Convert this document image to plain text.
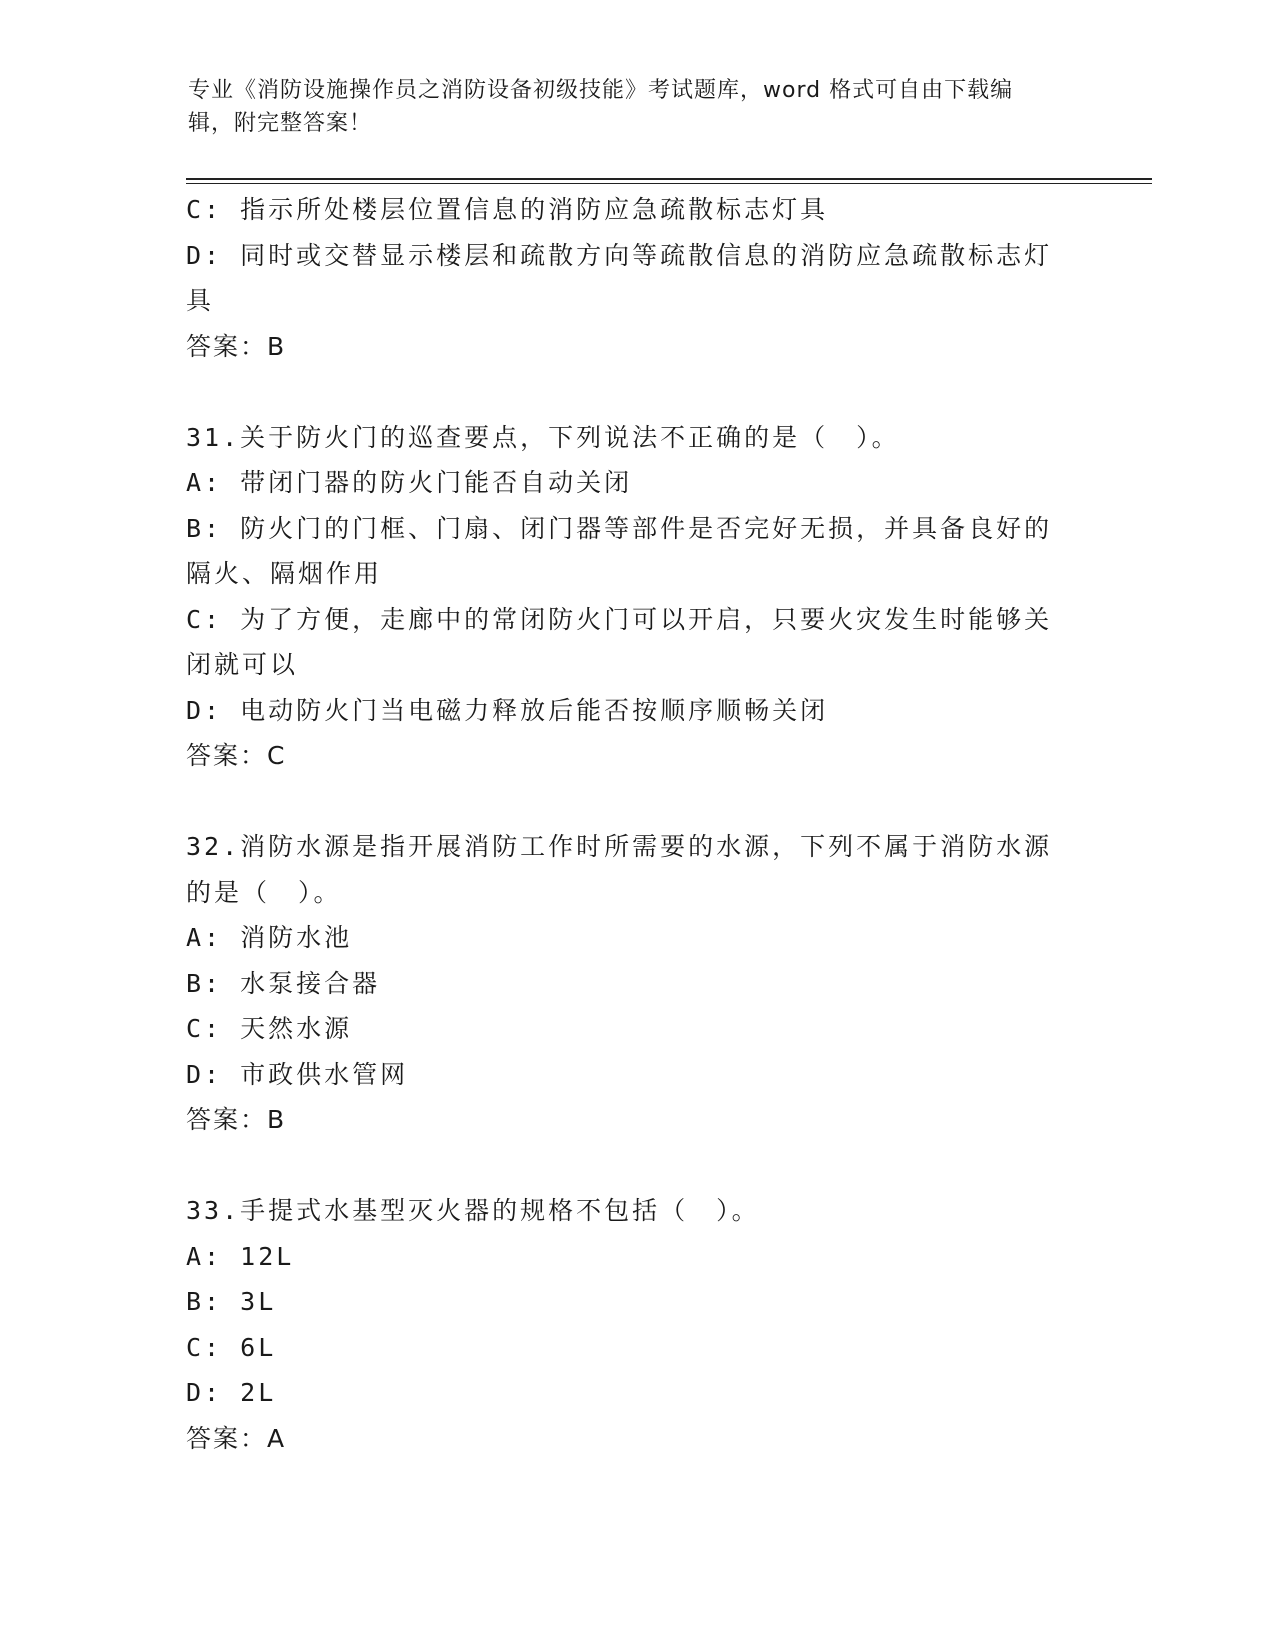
专业《消防设施操作员之消防设备初级技能》考试题库，word 格式可自由下载编
辑，附完整答案！
C: 指示所处楼层位置信息的消防应急疏散标志灯具
D: 同时或交替显示楼层和疏散方向等疏散信息的消防应急疏散标志灯
具
答案：B
31.关于防火门的巡查要点，下列说法不正确的是（　）。
A: 带闭门器的防火门能否自动关闭
B: 防火门的门框、门扇、闭门器等部件是否完好无损，并具备良好的
隔火、隔烟作用
C: 为了方便，走廊中的常闭防火门可以开启，只要火灾发生时能够关
闭就可以
D: 电动防火门当电磁力释放后能否按顺序顺畅关闭
答案：C
32.消防水源是指开展消防工作时所需要的水源，下列不属于消防水源
的是（　）。
A: 消防水池
B: 水泵接合器
C: 天然水源
D: 市政供水管网
答案：B
33.手提式水基型灭火器的规格不包括（　）。
A: 12L
B: 3L
C: 6L
D: 2L
答案：A
